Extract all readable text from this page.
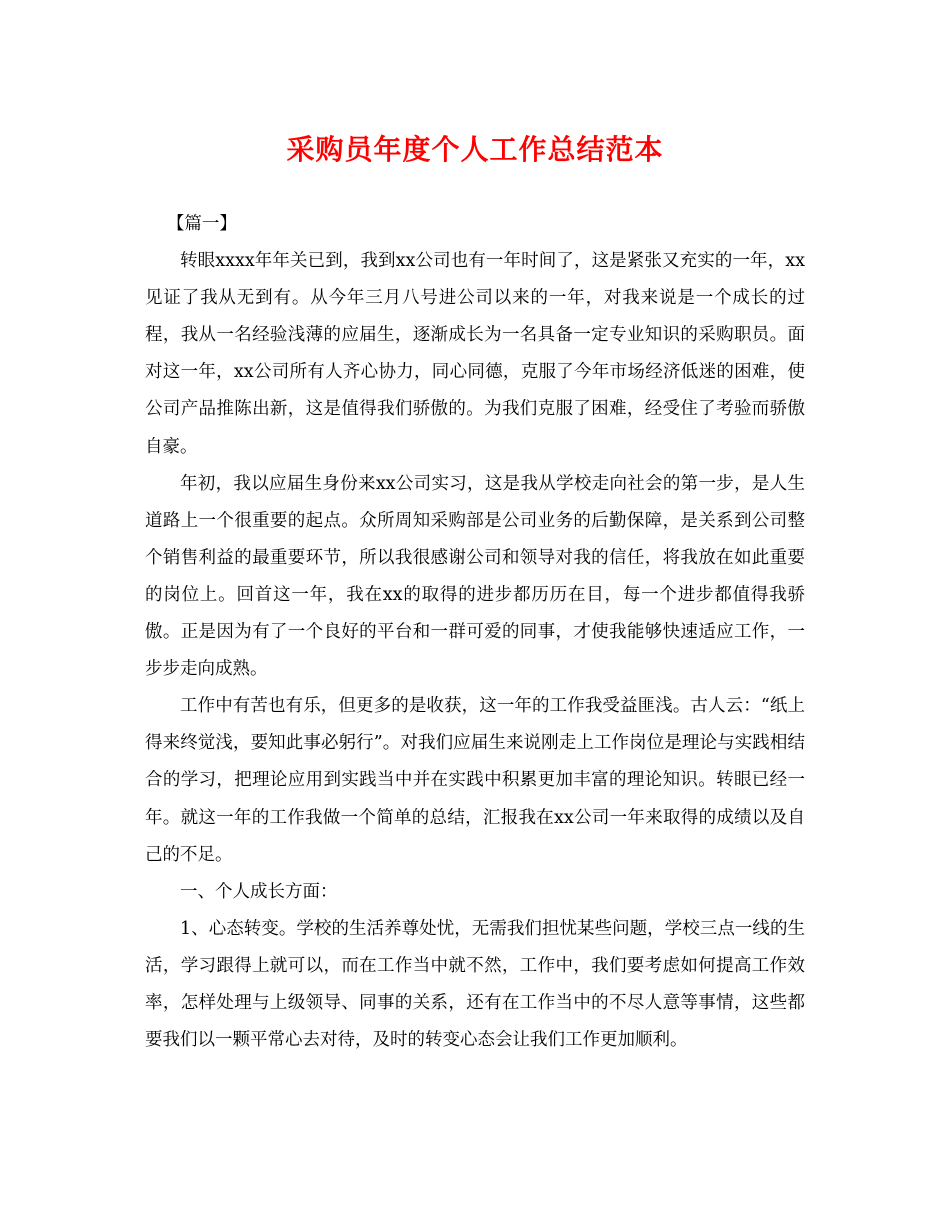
采购员年度个人工作总结范本

【篇一】

转眼xxxx年年关已到，我到xx公司也有一年时间了，这是紧张又充实的一年，xx见证了我从无到有。从今年三月八号进公司以来的一年，对我来说是一个成长的过程，我从一名经验浅薄的应届生，逐渐成长为一名具备一定专业知识的采购职员。面对这一年，xx公司所有人齐心协力，同心同德，克服了今年市场经济低迷的困难，使公司产品推陈出新，这是值得我们骄傲的。为我们克服了困难，经受住了考验而骄傲自豪。

年初，我以应届生身份来xx公司实习，这是我从学校走向社会的第一步，是人生道路上一个很重要的起点。众所周知采购部是公司业务的后勤保障，是关系到公司整个销售利益的最重要环节，所以我很感谢公司和领导对我的信任，将我放在如此重要的岗位上。回首这一年，我在xx的取得的进步都历历在目，每一个进步都值得我骄傲。正是因为有了一个良好的平台和一群可爱的同事，才使我能够快速适应工作，一步步走向成熟。

工作中有苦也有乐，但更多的是收获，这一年的工作我受益匪浅。古人云：“纸上得来终觉浅，要知此事必躬行”。对我们应届生来说刚走上工作岗位是理论与实践相结合的学习，把理论应用到实践当中并在实践中积累更加丰富的理论知识。转眼已经一年。就这一年的工作我做一个简单的总结，汇报我在xx公司一年来取得的成绩以及自己的不足。

一、个人成长方面：

1、心态转变。学校的生活养尊处忧，无需我们担忧某些问题，学校三点一线的生活，学习跟得上就可以，而在工作当中就不然，工作中，我们要考虑如何提高工作效率，怎样处理与上级领导、同事的关系，还有在工作当中的不尽人意等事情，这些都要我们以一颗平常心去对待，及时的转变心态会让我们工作更加顺利。
